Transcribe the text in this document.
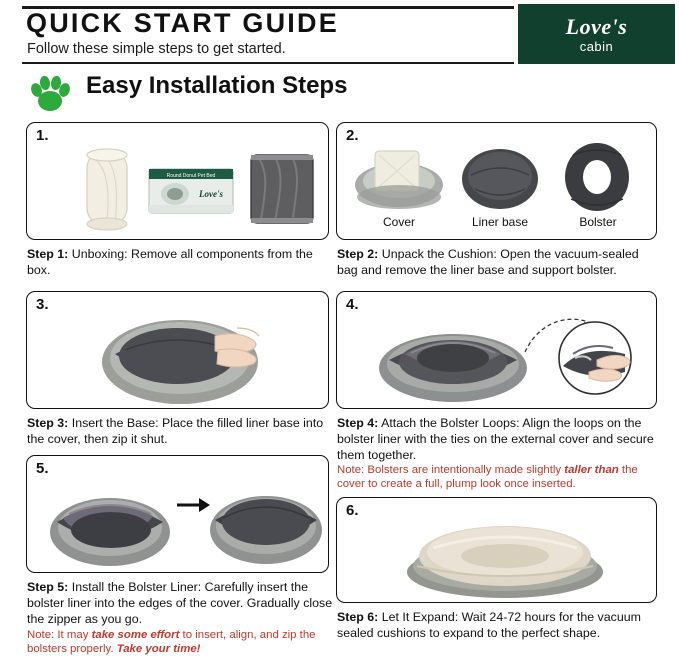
QUICK START GUIDE
Follow these simple steps to get started.
Love's
cabin
Easy Installation Steps
1.
Round Donut Pet Bed
Love's
Step 1: Unboxing: Remove all components from the box.
2.
Cover	Liner base	Bolster
Step 2: Unpack the Cushion: Open the vacuum-sealed bag and remove the liner base and support bolster.
3.
Step 3: Insert the Base: Place the filled liner base into the cover, then zip it shut.
4.
Step 4: Attach the Bolster Loops: Align the loops on the bolster liner with the ties on the external cover and secure them together.
Note: Bolsters are intentionally made slightly taller than the cover to create a full, plump look once inserted.
5.
Step 5: Install the Bolster Liner: Carefully insert the bolster liner into the edges of the cover. Gradually close the zipper as you go.
Note: It may take some effort to insert, align, and zip the bolsters properly. Take your time!
6.
Step 6: Let It Expand: Wait 24-72 hours for the vacuum sealed cushions to expand to the perfect shape.
